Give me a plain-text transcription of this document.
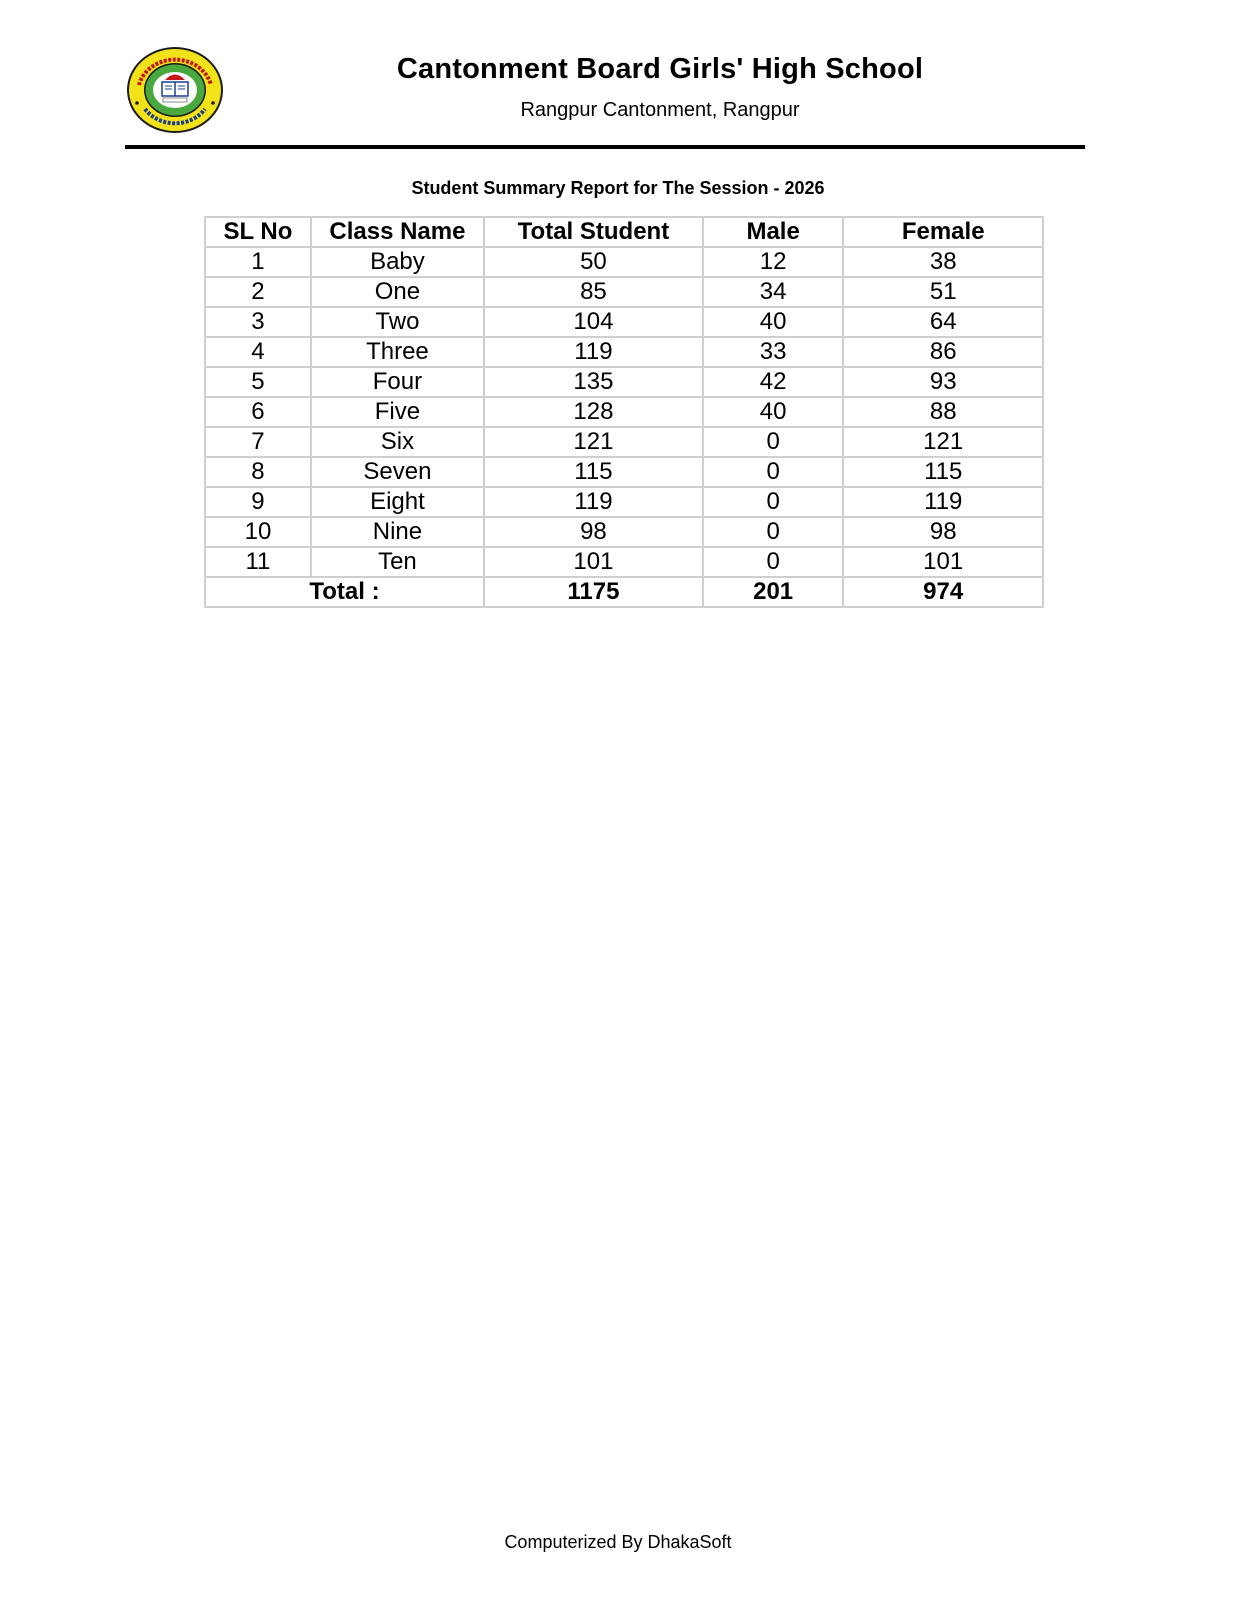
Cantonment Board Girls' High School
Rangpur Cantonment, Rangpur
Student Summary Report for The Session - 2026
SL No	Class Name	Total Student	Male	Female
1	Baby	50	12	38
2	One	85	34	51
3	Two	104	40	64
4	Three	119	33	86
5	Four	135	42	93
6	Five	128	40	88
7	Six	121	0	121
8	Seven	115	0	115
9	Eight	119	0	119
10	Nine	98	0	98
11	Ten	101	0	101
Total :		1175	201	974
Computerized By DhakaSoft
